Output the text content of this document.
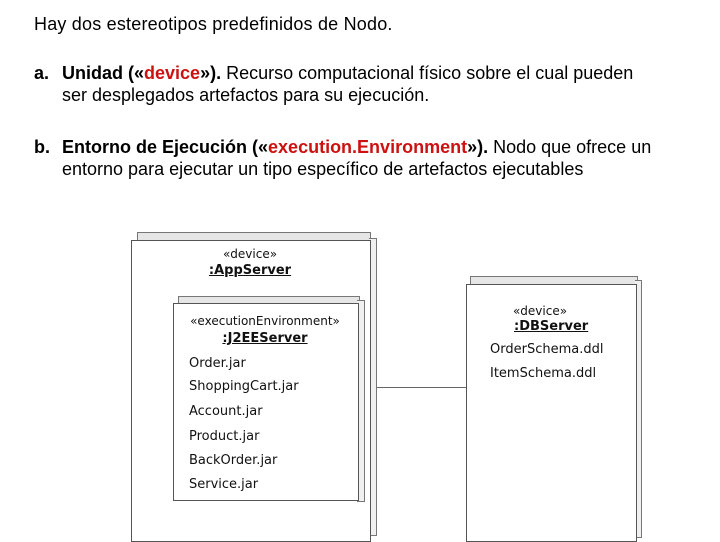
Hay dos estereotipos predefinidos de Nodo.
a. Unidad («device»). Recurso computacional físico sobre el cual pueden ser desplegados artefactos para su ejecución.
b. Entorno de Ejecución («execution.Environment»). Nodo que ofrece un entorno para ejecutar un tipo específico de artefactos ejecutables
«device»
:AppServer
«executionEnvironment»
:J2EEServer
Order.jar
ShoppingCart.jar
Account.jar
Product.jar
BackOrder.jar
Service.jar
«device»
:DBServer
OrderSchema.ddl
ItemSchema.ddl
